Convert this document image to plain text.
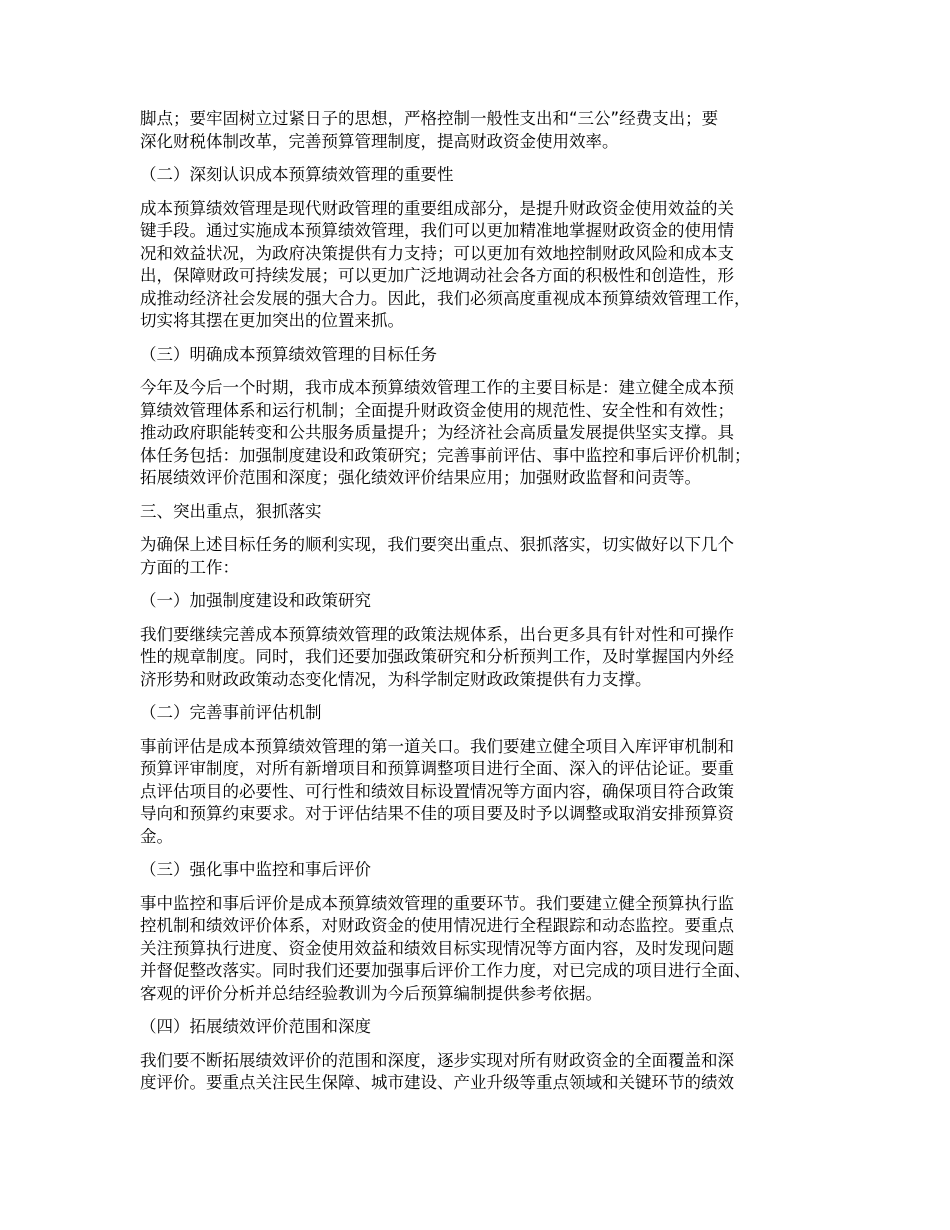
脚点；要牢固树立过紧日子的思想，严格控制一般性支出和“三公”经费支出；要
深化财税体制改革，完善预算管理制度，提高财政资金使用效率。
（二）深刻认识成本预算绩效管理的重要性
成本预算绩效管理是现代财政管理的重要组成部分，是提升财政资金使用效益的关
键手段。通过实施成本预算绩效管理，我们可以更加精准地掌握财政资金的使用情
况和效益状况，为政府决策提供有力支持；可以更加有效地控制财政风险和成本支
出，保障财政可持续发展；可以更加广泛地调动社会各方面的积极性和创造性，形
成推动经济社会发展的强大合力。因此，我们必须高度重视成本预算绩效管理工作，
切实将其摆在更加突出的位置来抓。
（三）明确成本预算绩效管理的目标任务
今年及今后一个时期，我市成本预算绩效管理工作的主要目标是：建立健全成本预
算绩效管理体系和运行机制；全面提升财政资金使用的规范性、安全性和有效性；
推动政府职能转变和公共服务质量提升；为经济社会高质量发展提供坚实支撑。具
体任务包括：加强制度建设和政策研究；完善事前评估、事中监控和事后评价机制；
拓展绩效评价范围和深度；强化绩效评价结果应用；加强财政监督和问责等。
三、突出重点，狠抓落实
为确保上述目标任务的顺利实现，我们要突出重点、狠抓落实，切实做好以下几个
方面的工作：
（一）加强制度建设和政策研究
我们要继续完善成本预算绩效管理的政策法规体系，出台更多具有针对性和可操作
性的规章制度。同时，我们还要加强政策研究和分析预判工作，及时掌握国内外经
济形势和财政政策动态变化情况，为科学制定财政政策提供有力支撑。
（二）完善事前评估机制
事前评估是成本预算绩效管理的第一道关口。我们要建立健全项目入库评审机制和
预算评审制度，对所有新增项目和预算调整项目进行全面、深入的评估论证。要重
点评估项目的必要性、可行性和绩效目标设置情况等方面内容，确保项目符合政策
导向和预算约束要求。对于评估结果不佳的项目要及时予以调整或取消安排预算资
金。
（三）强化事中监控和事后评价
事中监控和事后评价是成本预算绩效管理的重要环节。我们要建立健全预算执行监
控机制和绩效评价体系，对财政资金的使用情况进行全程跟踪和动态监控。要重点
关注预算执行进度、资金使用效益和绩效目标实现情况等方面内容，及时发现问题
并督促整改落实。同时我们还要加强事后评价工作力度，对已完成的项目进行全面、
客观的评价分析并总结经验教训为今后预算编制提供参考依据。
（四）拓展绩效评价范围和深度
我们要不断拓展绩效评价的范围和深度，逐步实现对所有财政资金的全面覆盖和深
度评价。要重点关注民生保障、城市建设、产业升级等重点领域和关键环节的绩效
